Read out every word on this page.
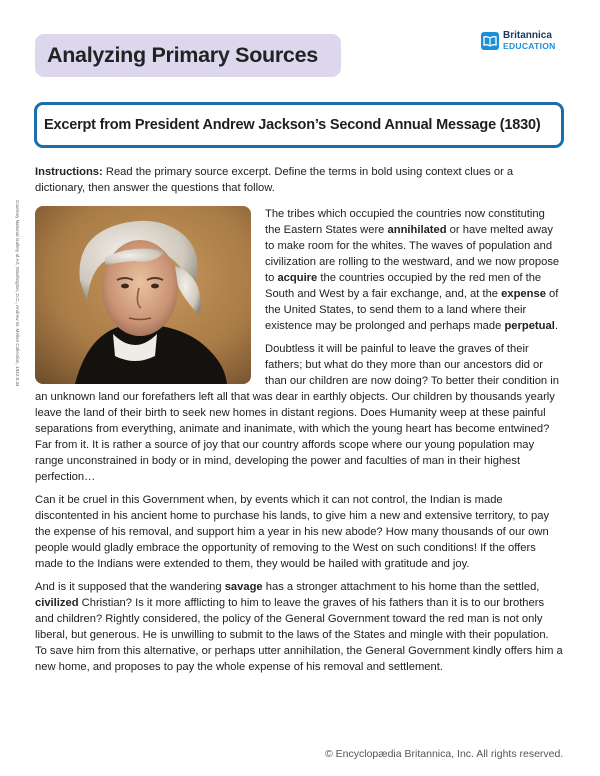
Analyzing Primary Sources
Britannica
EDUCATION
Excerpt from President Andrew Jackson’s Second Annual Message (1830)
Courtesy National Gallery of Art, Washington, D.C., Andrew W. Mellon Collection, 1942.8.34

Instructions: Read the primary source excerpt. Define the terms in bold using context clues or a dictionary, then answer the questions that follow.

The tribes which occupied the countries now constituting the Eastern States were annihilated or have melted away to make room for the whites. The waves of population and civilization are rolling to the westward, and we now propose to acquire the countries occupied by the red men of the South and West by a fair exchange, and, at the expense of the United States, to send them to a land where their existence may be prolonged and perhaps made perpetual.

Doubtless it will be painful to leave the graves of their fathers; but what do they more than our ancestors did or than our children are now doing? To better their condition in an unknown land our forefathers left all that was dear in earthly objects. Our children by thousands yearly leave the land of their birth to seek new homes in distant regions. Does Humanity weep at these painful separations from everything, animate and inanimate, with which the young heart has become entwined? Far from it. It is rather a source of joy that our country affords scope where our young population may range unconstrained in body or in mind, developing the power and faculties of man in their highest perfection…

Can it be cruel in this Government when, by events which it can not control, the Indian is made discontented in his ancient home to purchase his lands, to give him a new and extensive territory, to pay the expense of his removal, and support him a year in his new abode? How many thousands of our own people would gladly embrace the opportunity of removing to the West on such conditions! If the offers made to the Indians were extended to them, they would be hailed with gratitude and joy.

And is it supposed that the wandering savage has a stronger attachment to his home than the settled, civilized Christian? Is it more afflicting to him to leave the graves of his fathers than it is to our brothers and children? Rightly considered, the policy of the General Government toward the red man is not only liberal, but generous. He is unwilling to submit to the laws of the States and mingle with their population. To save him from this alternative, or perhaps utter annihilation, the General Government kindly offers him a new home, and proposes to pay the whole expense of his removal and settlement.

© Encyclopædia Britannica, Inc. All rights reserved.
